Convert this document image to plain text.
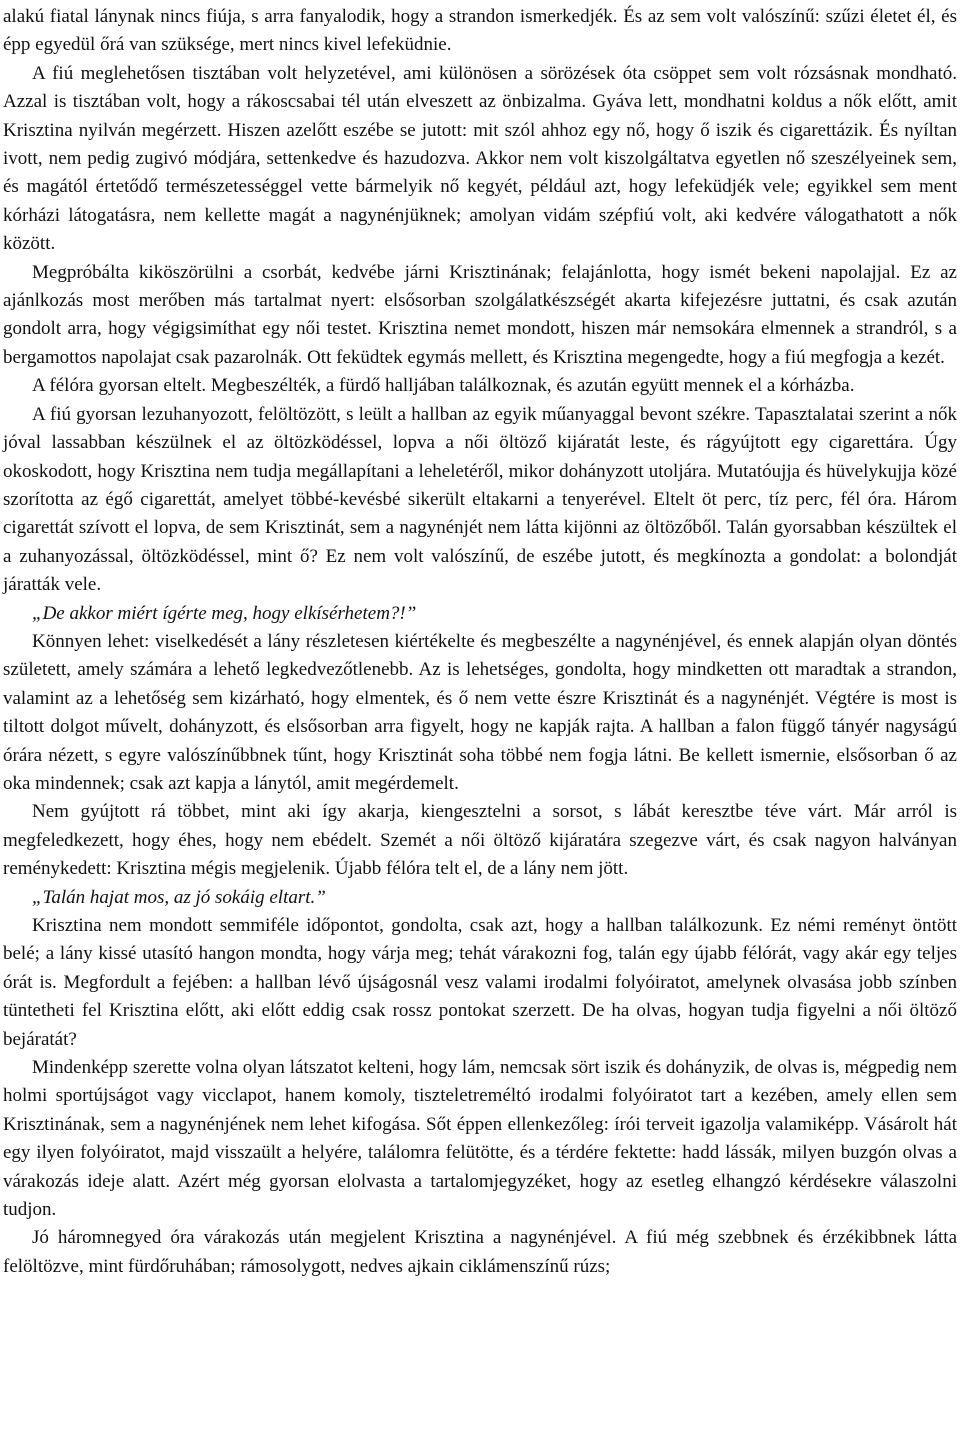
alakú fiatal lánynak nincs fiúja, s arra fanyalodik, hogy a strandon ismerkedjék. És az sem volt valószínű: szűzi életet él, és épp egyedül őrá van szüksége, mert nincs kivel lefeküdnie.

A fiú meglehetősen tisztában volt helyzetével, ami különösen a sörözések óta csöppet sem volt rózsásnak mondható. Azzal is tisztában volt, hogy a rákoscsabai tél után elveszett az önbizalma. Gyáva lett, mondhatni koldus a nők előtt, amit Krisztina nyilván megérzett. Hiszen azelőtt eszébe se jutott: mit szól ahhoz egy nő, hogy ő iszik és cigarettázik. És nyíltan ivott, nem pedig zugivó módjára, settenkedve és hazudozva. Akkor nem volt kiszolgáltatva egyetlen nő szeszélyeinek sem, és magától értetődő természetességgel vette bármelyik nő kegyét, például azt, hogy lefeküdjék vele; egyikkel sem ment kórházi látogatásra, nem kellette magát a nagynénjüknek; amolyan vidám szépfiú volt, aki kedvére válogathatott a nők között.

Megpróbálta kiköszörülni a csorbát, kedvébe járni Krisztinának; felajánlotta, hogy ismét bekeni napolajjal. Ez az ajánlkozás most merőben más tartalmat nyert: elsősorban szolgálatkészségét akarta kifejezésre juttatni, és csak azután gondolt arra, hogy végigsimíthat egy női testet. Krisztina nemet mondott, hiszen már nemsokára elmennek a strandról, s a bergamottos napolajat csak pazarolnák. Ott feküdtek egymás mellett, és Krisztina megengedte, hogy a fiú megfogja a kezét.

A félóra gyorsan eltelt. Megbeszélték, a fürdő halljában találkoznak, és azután együtt mennek el a kórházba.

A fiú gyorsan lezuhanyozott, felöltözött, s leült a hallban az egyik műanyaggal bevont székre. Tapasztalatai szerint a nők jóval lassabban készülnek el az öltözködéssel, lopva a női öltöző kijáratát leste, és rágyújtott egy cigarettára. Úgy okoskodott, hogy Krisztina nem tudja megállapítani a leheletéről, mikor dohányzott utoljára. Mutatóujja és hüvelykujja közé szorította az égő cigarettát, amelyet többé-kevésbé sikerült eltakarni a tenyerével. Eltelt öt perc, tíz perc, fél óra. Három cigarettát szívott el lopva, de sem Krisztinát, sem a nagynénjét nem látta kijönni az öltözőből. Talán gyorsabban készültek el a zuhanyozással, öltözködéssel, mint ő? Ez nem volt valószínű, de eszébe jutott, és megkínozta a gondolat: a bolondját járatták vele.

„De akkor miért ígérte meg, hogy elkísérhetem?!”

Könnyen lehet: viselkedését a lány részletesen kiértékelte és megbeszélte a nagynénjével, és ennek alapján olyan döntés született, amely számára a lehető legkedvezőtlenebb. Az is lehetséges, gondolta, hogy mindketten ott maradtak a strandon, valamint az a lehetőség sem kizárható, hogy elmentek, és ő nem vette észre Krisztinát és a nagynénjét. Végtére is most is tiltott dolgot művelt, dohányzott, és elsősorban arra figyelt, hogy ne kapják rajta. A hallban a falon függő tányér nagyságú órára nézett, s egyre valószínűbbnek tűnt, hogy Krisztinát soha többé nem fogja látni. Be kellett ismernie, elsősorban ő az oka mindennek; csak azt kapja a lánytól, amit megérdemelt.

Nem gyújtott rá többet, mint aki így akarja, kiengesztelni a sorsot, s lábát keresztbe téve várt. Már arról is megfeledkezett, hogy éhes, hogy nem ebédelt. Szemét a női öltöző kijáratára szegezve várt, és csak nagyon halványan reménykedett: Krisztina mégis megjelenik. Újabb félóra telt el, de a lány nem jött.

„Talán hajat mos, az jó sokáig eltart.”

Krisztina nem mondott semmiféle időpontot, gondolta, csak azt, hogy a hallban találkozunk. Ez némi reményt öntött belé; a lány kissé utasító hangon mondta, hogy várja meg; tehát várakozni fog, talán egy újabb félórát, vagy akár egy teljes órát is. Megfordult a fejében: a hallban lévő újságosnál vesz valami irodalmi folyóiratot, amelynek olvasása jobb színben tüntetheti fel Krisztina előtt, aki előtt eddig csak rossz pontokat szerzett. De ha olvas, hogyan tudja figyelni a női öltöző bejáratát?

Mindenképp szerette volna olyan látszatot kelteni, hogy lám, nemcsak sört iszik és dohányzik, de olvas is, mégpedig nem holmi sportújságot vagy vicclapot, hanem komoly, tiszteletreméltó irodalmi folyóiratot tart a kezében, amely ellen sem Krisztinának, sem a nagynénjének nem lehet kifogása. Sőt éppen ellenkezőleg: írói terveit igazolja valamiképp. Vásárolt hát egy ilyen folyóiratot, majd visszaült a helyére, találomra felütötte, és a térdére fektette: hadd lássák, milyen buzgón olvas a várakozás ideje alatt. Azért még gyorsan elolvasta a tartalomjegyzéket, hogy az esetleg elhangzó kérdésekre válaszolni tudjon.

Jó háromnegyed óra várakozás után megjelent Krisztina a nagynénjével. A fiú még szebbnek és érzékibbnek látta felöltözve, mint fürdőruhában; rámosolygott, nedves ajkain ciklámenszínű rúzs;
